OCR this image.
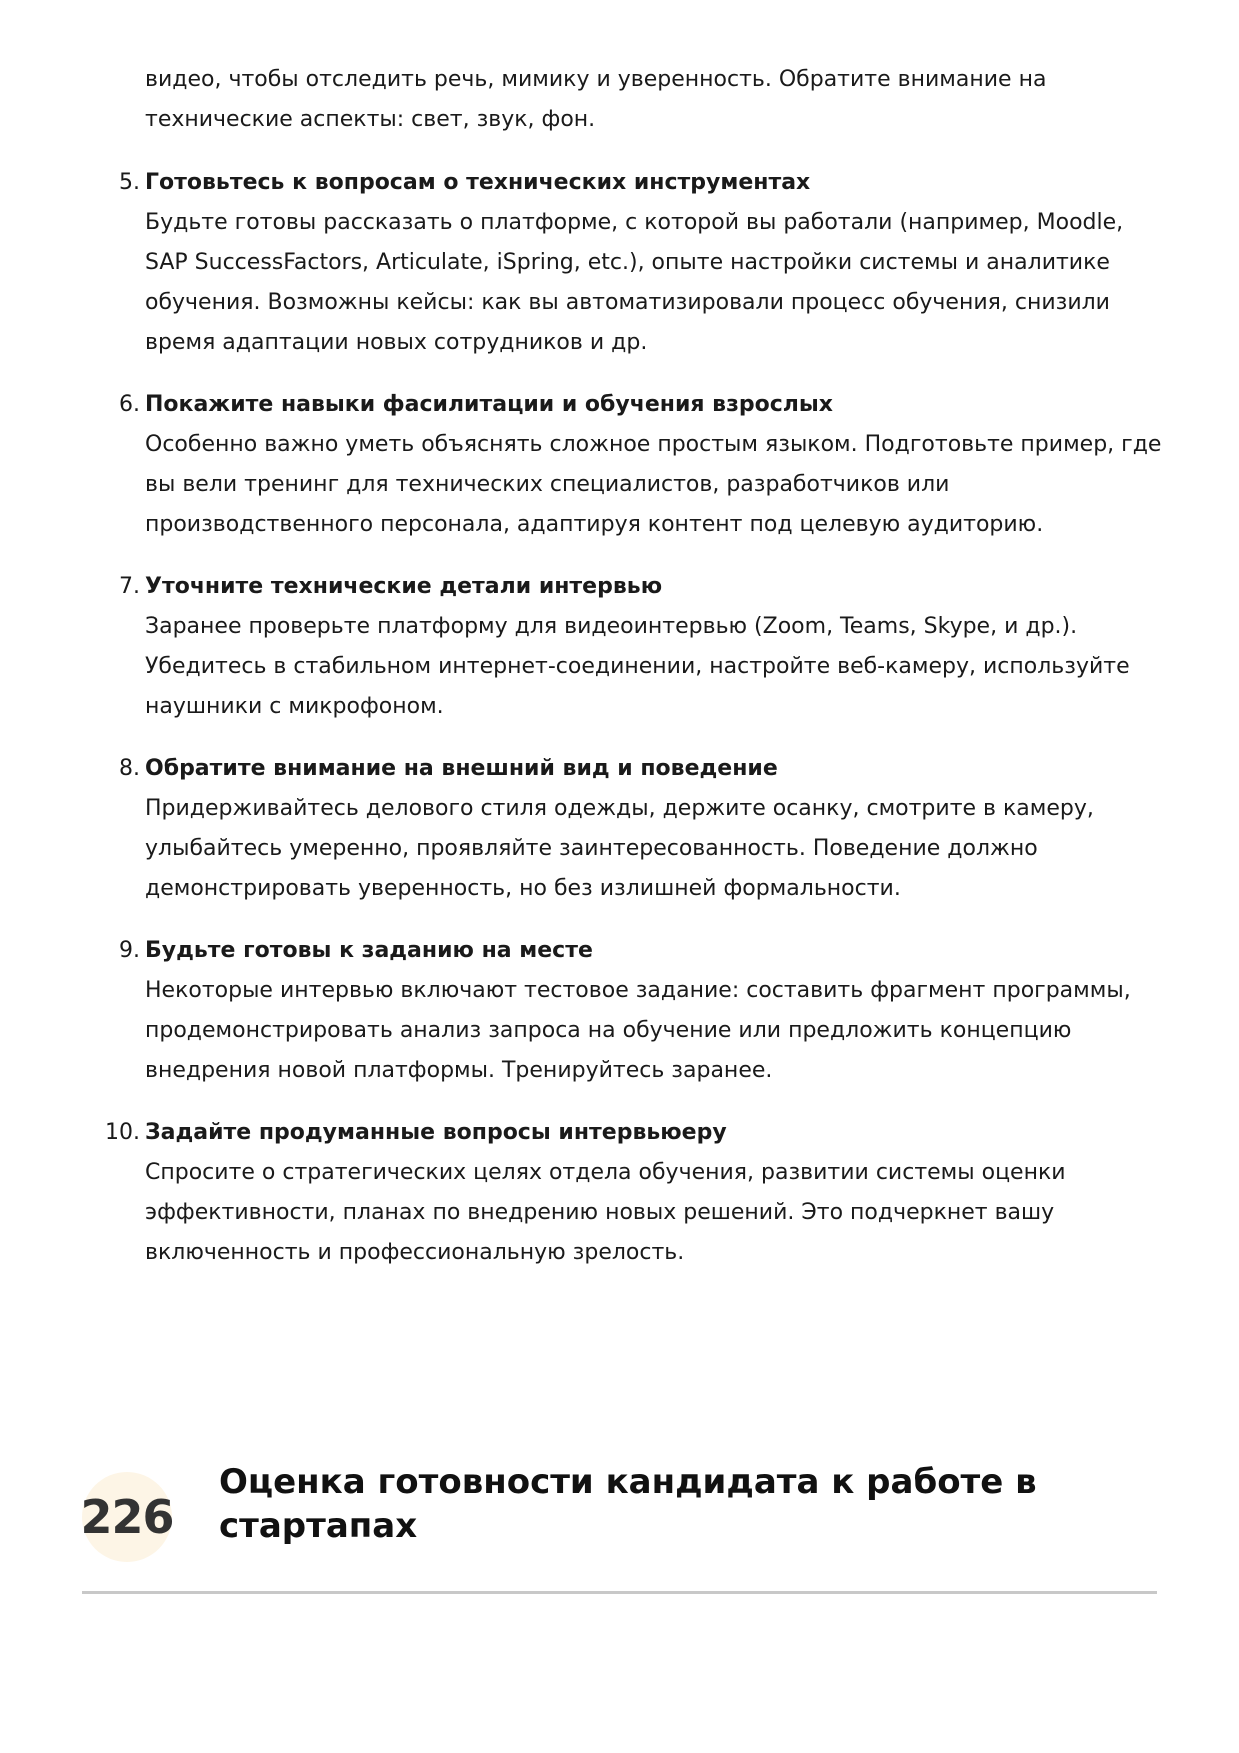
видео, чтобы отследить речь, мимику и уверенность. Обратите внимание на технические аспекты: свет, звук, фон.

5. Готовьтесь к вопросам о технических инструментах
Будьте готовы рассказать о платформе, с которой вы работали (например, Moodle, SAP SuccessFactors, Articulate, iSpring, etc.), опыте настройки системы и аналитике обучения. Возможны кейсы: как вы автоматизировали процесс обучения, снизили время адаптации новых сотрудников и др.
6. Покажите навыки фасилитации и обучения взрослых
Особенно важно уметь объяснять сложное простым языком. Подготовьте пример, где вы вели тренинг для технических специалистов, разработчиков или производственного персонала, адаптируя контент под целевую аудиторию.
7. Уточните технические детали интервью
Заранее проверьте платформу для видеоинтервью (Zoom, Teams, Skype, и др.). Убедитесь в стабильном интернет-соединении, настройте веб-камеру, используйте наушники с микрофоном.
8. Обратите внимание на внешний вид и поведение
Придерживайтесь делового стиля одежды, держите осанку, смотрите в камеру, улыбайтесь умеренно, проявляйте заинтересованность. Поведение должно демонстрировать уверенность, но без излишней формальности.
9. Будьте готовы к заданию на месте
Некоторые интервью включают тестовое задание: составить фрагмент программы, продемонстрировать анализ запроса на обучение или предложить концепцию внедрения новой платформы. Тренируйтесь заранее.
10. Задайте продуманные вопросы интервьюеру
Спросите о стратегических целях отдела обучения, развитии системы оценки эффективности, планах по внедрению новых решений. Это подчеркнет вашу включенность и профессиональную зрелость.
226
Оценка готовности кандидата к работе в стартапах
